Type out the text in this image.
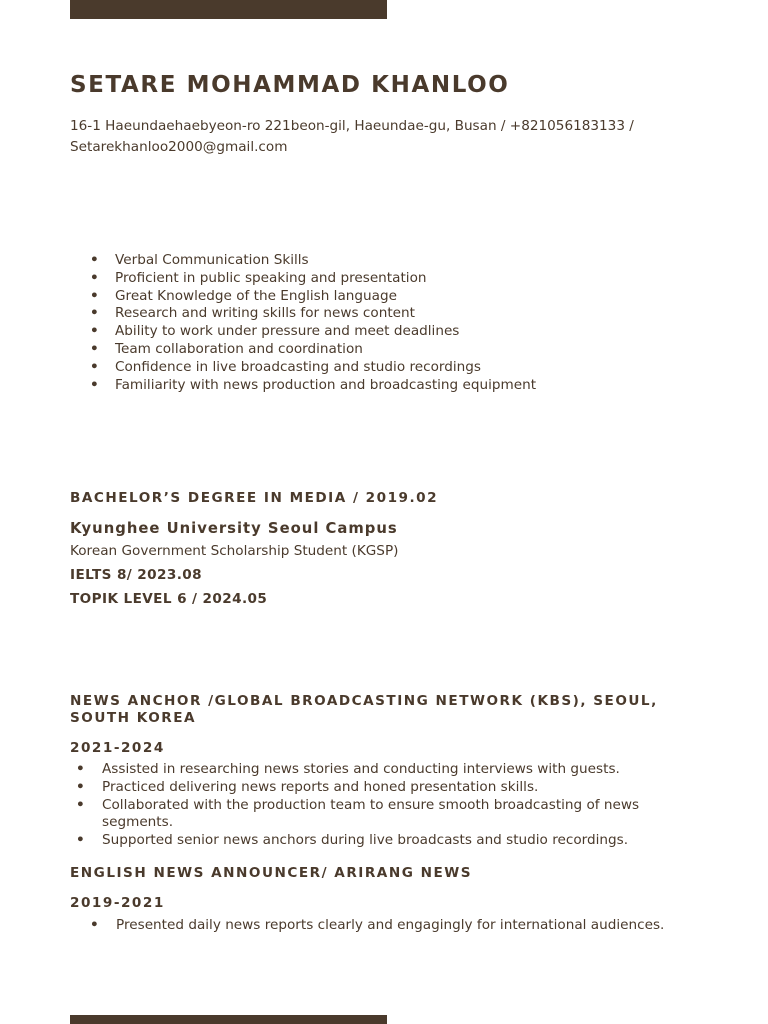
SETARE MOHAMMAD KHANLOO
16-1 Haeundaehaebyeon-ro 221beon-gil, Haeundae-gu, Busan / +821056183133 /
Setarekhanloo2000@gmail.com
•	Verbal Communication Skills
•	Proficient in public speaking and presentation
•	Great Knowledge of the English language
•	Research and writing skills for news content
•	Ability to work under pressure and meet deadlines
•	Team collaboration and coordination
•	Confidence in live broadcasting and studio recordings
•	Familiarity with news production and broadcasting equipment
BACHELOR’S DEGREE IN MEDIA / 2019.02
Kyunghee University Seoul Campus
Korean Government Scholarship Student (KGSP)
IELTS 8/ 2023.08
TOPIK LEVEL 6 / 2024.05
NEWS ANCHOR /GLOBAL BROADCASTING NETWORK (KBS), SEOUL, SOUTH KOREA
2021-2024
•	Assisted in researching news stories and conducting interviews with guests.
•	Practiced delivering news reports and honed presentation skills.
•	Collaborated with the production team to ensure smooth broadcasting of news segments.
•	Supported senior news anchors during live broadcasts and studio recordings.
ENGLISH NEWS ANNOUNCER/ ARIRANG NEWS
2019-2021
•	Presented daily news reports clearly and engagingly for international audiences.
